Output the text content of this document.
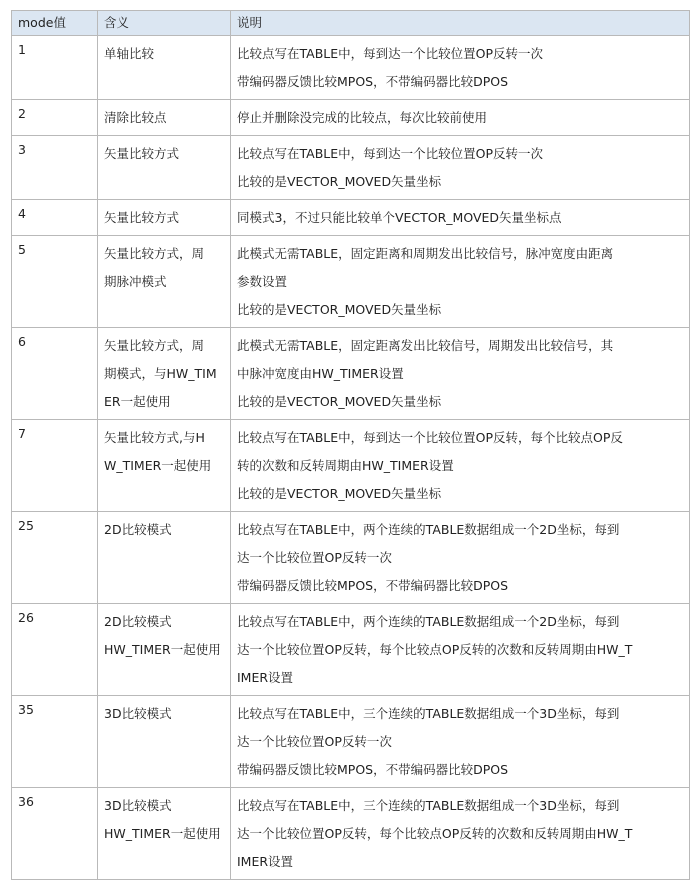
mode值	含义	说明
1	单轴比较	比较点写在TABLE中，每到达一个比较位置OP反转一次
带编码器反馈比较MPOS，不带编码器比较DPOS

2	清除比较点	停止并删除没完成的比较点，每次比较前使用

3	矢量比较方式	比较点写在TABLE中，每到达一个比较位置OP反转一次
比较的是VECTOR_MOVED矢量坐标

4	矢量比较方式	同模式3，不过只能比较单个VECTOR_MOVED矢量坐标点

5	矢量比较方式，周
期脉冲模式	此模式无需TABLE，固定距离和周期发出比较信号，脉冲宽度由距离
参数设置
比较的是VECTOR_MOVED矢量坐标

6	矢量比较方式，周
期模式，与HW_TIM
ER一起使用	此模式无需TABLE，固定距离发出比较信号，周期发出比较信号，其
中脉冲宽度由HW_TIMER设置
比较的是VECTOR_MOVED矢量坐标

7	矢量比较方式,与H
W_TIMER一起使用	比较点写在TABLE中，每到达一个比较位置OP反转，每个比较点OP反
转的次数和反转周期由HW_TIMER设置
比较的是VECTOR_MOVED矢量坐标

25	2D比较模式	比较点写在TABLE中，两个连续的TABLE数据组成一个2D坐标，每到
达一个比较位置OP反转一次
带编码器反馈比较MPOS，不带编码器比较DPOS

26	2D比较模式
HW_TIMER一起使用	比较点写在TABLE中，两个连续的TABLE数据组成一个2D坐标，每到
达一个比较位置OP反转，每个比较点OP反转的次数和反转周期由HW_T
IMER设置

35	3D比较模式	比较点写在TABLE中，三个连续的TABLE数据组成一个3D坐标，每到
达一个比较位置OP反转一次
带编码器反馈比较MPOS，不带编码器比较DPOS

36	3D比较模式
HW_TIMER一起使用	比较点写在TABLE中，三个连续的TABLE数据组成一个3D坐标，每到
达一个比较位置OP反转，每个比较点OP反转的次数和反转周期由HW_T
IMER设置
